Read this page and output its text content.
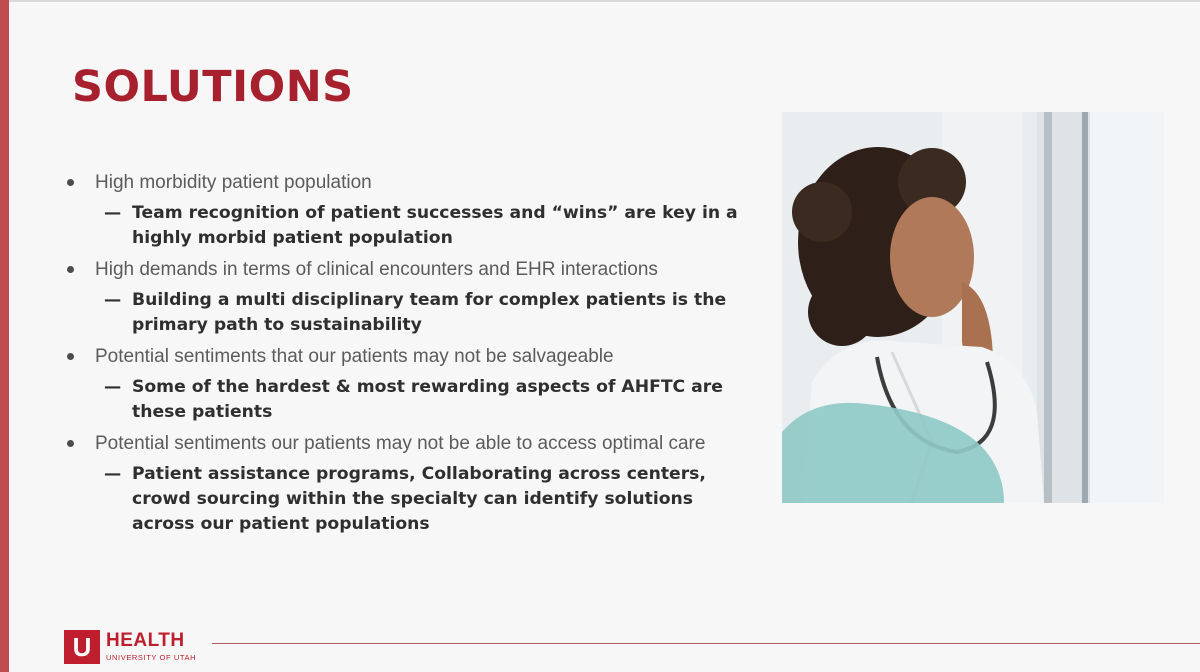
SOLUTIONS
High morbidity patient population
— Team recognition of patient successes and “wins” are key in a highly morbid patient population
High demands in terms of clinical encounters and EHR interactions
— Building a multi disciplinary team for complex patients is the primary path to sustainability
Potential sentiments that our patients may not be salvageable
— Some of the hardest & most rewarding aspects of AHFTC are these patients
Potential sentiments our patients may not be able to access optimal care
— Patient assistance programs, Collaborating across centers, crowd sourcing within the specialty can identify solutions across our patient populations
U HEALTH
UNIVERSITY OF UTAH
